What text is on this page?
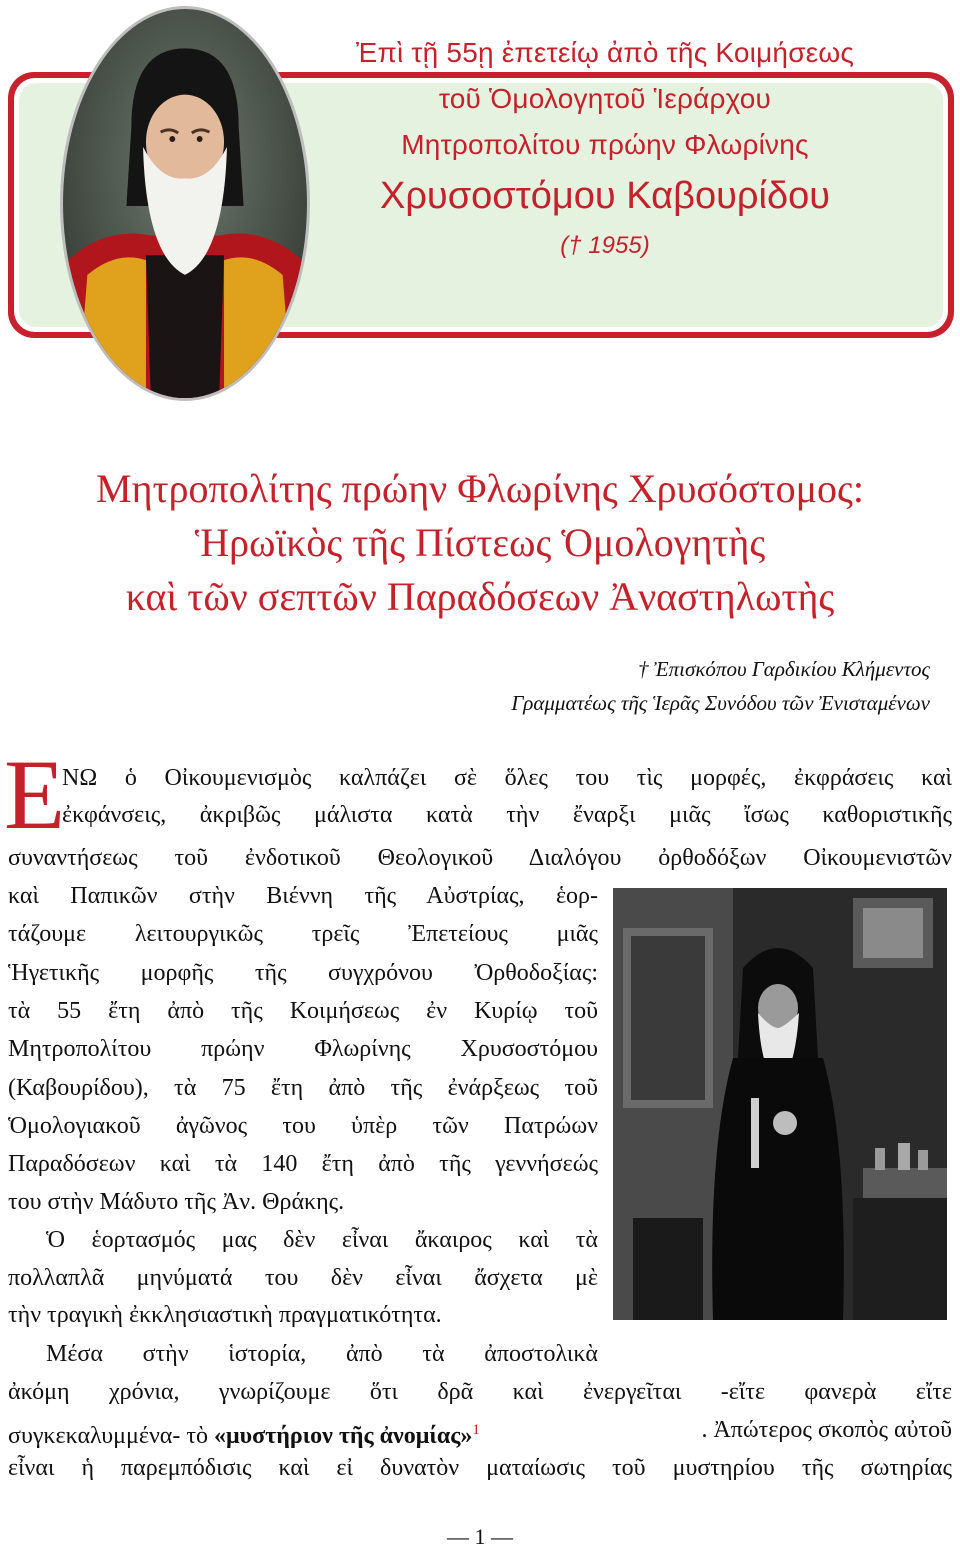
Ἐπὶ τῇ 55ῃ ἐπετείῳ ἀπὸ τῆς Κοιμήσεως
τοῦ Ὁμολογητοῦ Ἱεράρχου
Μητροπολίτου πρώην Φλωρίνης
Χρυσοστόμου Καβουρίδου
(† 1955)
Μητροπολίτης πρώην Φλωρίνης Χρυσόστομος:
Ἡρωϊκὸς τῆς Πίστεως Ὁμολογητὴς
καὶ τῶν σεπτῶν Παραδόσεων Ἀναστηλωτὴς
† Ἐπισκόπου Γαρδικίου Κλήμεντος
Γραμματέως τῆς Ἱερᾶς Συνόδου τῶν Ἐνισταμένων
Ε
ΝΩ ὁ Οἰκουμενισμὸς καλπάζει σὲ ὅλες του τὶς μορφές, ἐκφράσεις καὶ
ἐκφάνσεις, ἀκριβῶς μάλιστα κατὰ τὴν ἔναρξι μιᾶς ἴσως καθοριστικῆς
συναντήσεως τοῦ ἐνδοτικοῦ Θεολογικοῦ Διαλόγου ὀρθοδόξων Οἰκουμενιστῶν
καὶ Παπικῶν στὴν Βιέννη τῆς Αὐστρίας, ἑορ-
τάζουμε λειτουργικῶς τρεῖς Ἐπετείους μιᾶς
Ἡγετικῆς μορφῆς τῆς συγχρόνου Ὀρθοδοξίας:
τὰ 55 ἔτη ἀπὸ τῆς Κοιμήσεως ἐν Κυρίῳ τοῦ
Μητροπολίτου πρώην Φλωρίνης Χρυσοστόμου
(Καβουρίδου), τὰ 75 ἔτη ἀπὸ τῆς ἐνάρξεως τοῦ
Ὁμολογιακοῦ ἀγῶνος του ὑπὲρ τῶν Πατρώων
Παραδόσεων καὶ τὰ 140 ἔτη ἀπὸ τῆς γεννήσεώς
του στὴν Μάδυτο τῆς Ἀν. Θράκης.
Ὁ ἑορτασμός μας δὲν εἶναι ἄκαιρος καὶ τὰ
πολλαπλᾶ μηνύματά του δὲν εἶναι ἄσχετα μὲ
τὴν τραγικὴ ἐκκλησιαστικὴ πραγματικότητα.
Μέσα στὴν ἱστορία, ἀπὸ τὰ ἀποστολικὰ
ἀκόμη χρόνια, γνωρίζουμε ὅτι δρᾶ καὶ ἐνεργεῖται -εἴτε φανερὰ εἴτε
συγκεκαλυμμένα- τὸ «μυστήριον τῆς ἀνομίας»$^1$	. Ἀπώτερος σκοπὸς αὐτοῦ
εἶναι ἡ παρεμπόδισις καὶ εἰ δυνατὸν ματαίωσις τοῦ μυστηρίου τῆς σωτηρίας
— 1 —
